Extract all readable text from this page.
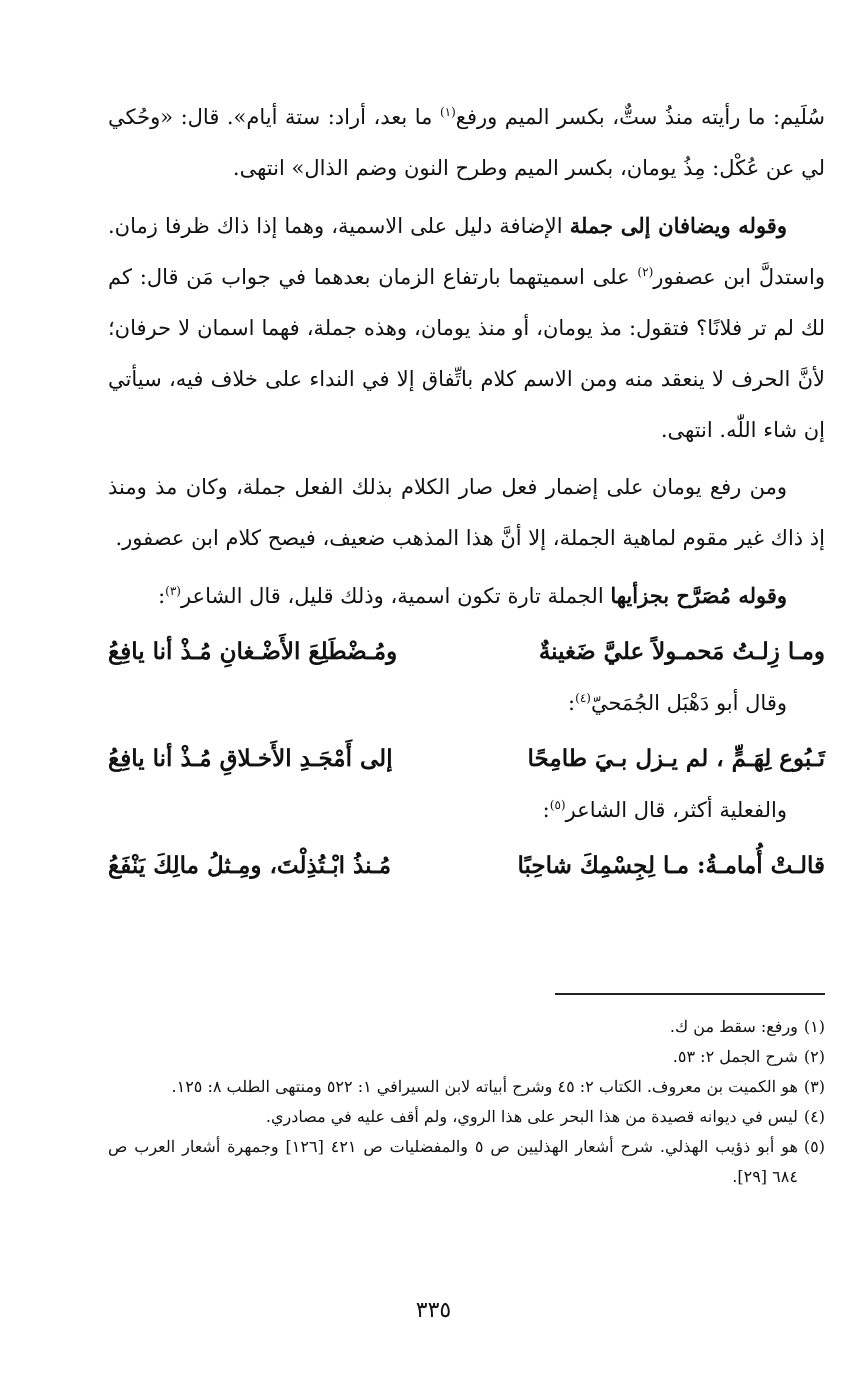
سُلَيم: ما رأيته منذُ ستٌّ، بكسر الميم ورفع$^{(١)}$ ما بعد، أراد: ستة أيام». قال: «وحُكي لي عن عُكْل: مِذُ يومان، بكسر الميم وطرح النون وضم الذال» انتهى.

وقوله ويضافان إلى جملة الإضافة دليل على الاسمية، وهما إذا ذاك ظرفا زمان. واستدلَّ ابن عصفور$^{(٢)}$ على اسميتهما بارتفاع الزمان بعدهما في جواب مَن قال: كم لك لم تر فلانًا؟ فتقول: مذ يومان، أو منذ يومان، وهذه جملة، فهما اسمان لا حرفان؛ لأنَّ الحرف لا ينعقد منه ومن الاسم كلام باتِّفاق إلا في النداء على خلاف فيه، سيأتي إن شاء اللّٰه. انتهى.

ومن رفع يومان على إضمار فعل صار الكلام بذلك الفعل جملة، وكان مذ ومنذ إذ ذاك غير مقوم لماهية الجملة، إلا أنَّ هذا المذهب ضعيف، فيصح كلام ابن عصفور.

وقوله مُصَرَّح بجزأيها الجملة تارة تكون اسمية، وذلك قليل، قال الشاعر$^{(٣)}$:

ومـا زِلـتُ مَحمـولاً عليَّ ضَغينةٌ
ومُـضْطَلِعَ الأَضْـغانِ مُـذْ أنا يافِعُ

وقال أبو دَهْبَل الجُمَحيّ$^{(٤)}$:

تَـبُوع لِهَـمٍّ ، لم يـزل بـيَ طامِحًا
إلى أَمْجَـدِ الأَخـلاقِ مُـذْ أنا يافِعُ

والفعلية أكثر، قال الشاعر$^{(٥)}$:

قالـتْ أُمامـةُ: مـا لِجِسْمِكَ شاحِبًا
مُـنذُ ابْـتُذِلْتَ، ومِـثلُ مالِكَ يَنْفَعُ

(١)
ورفع: سقط من ك.

(٢)
شرح الجمل ٢: ٥٣.

(٣)
هو الكميت بن معروف. الكتاب ٢: ٤٥ وشرح أبياته لابن السيرافي ١: ٥٢٢ ومنتهى الطلب ٨: ١٢٥.

(٤)
ليس في ديوانه قصيدة من هذا البحر على هذا الروي، ولم أقف عليه في مصادري.

(٥)
هو أبو ذؤيب الهذلي. شرح أشعار الهذليين ص ٥ والمفضليات ص ٤٢١ [١٢٦] وجمهرة أشعار العرب ص ٦٨٤ [٢٩].

٣٣٥
